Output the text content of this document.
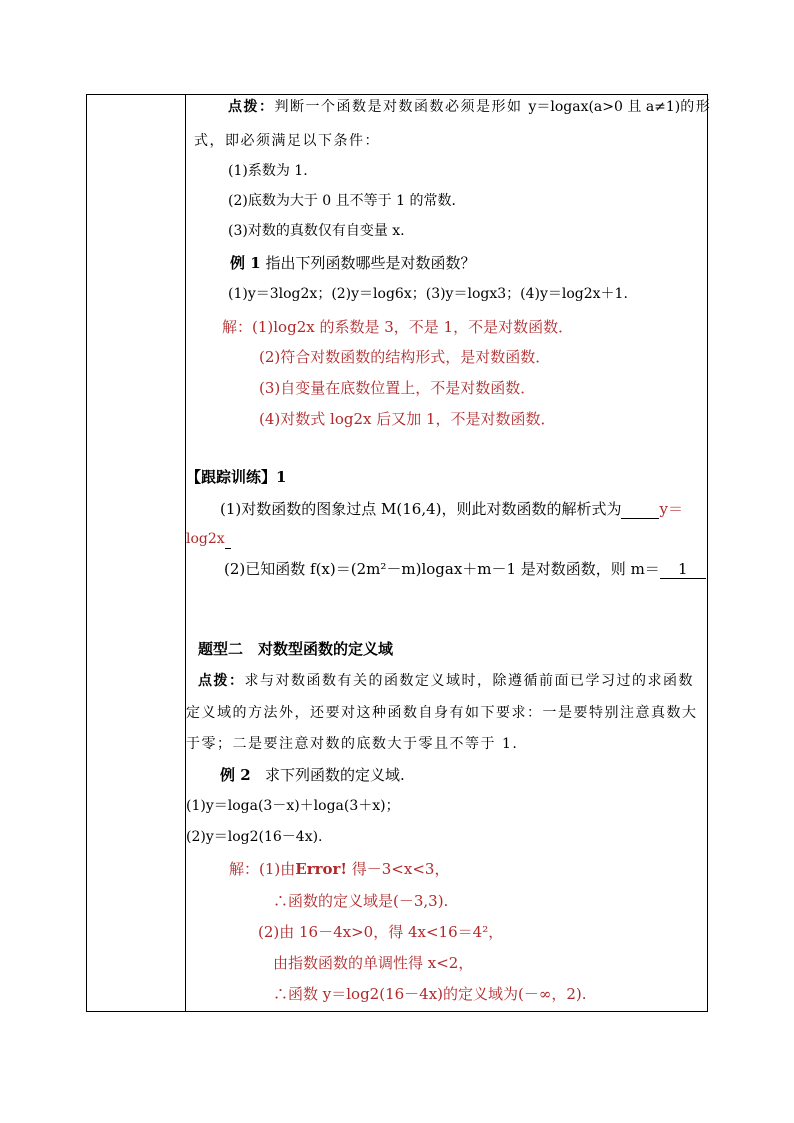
点拨：判断一个函数是对数函数必须是形如 y＝logax(a>0 且 a≠1)的形
式，即必须满足以下条件：
(1)系数为 1.
(2)底数为大于 0 且不等于 1 的常数．
(3)对数的真数仅有自变量 x.
例 1 指出下列函数哪些是对数函数？
(1)y＝3log2x；(2)y＝log6x；(3)y＝logx3；(4)y＝log2x＋1.
解：(1)log2x 的系数是 3，不是 1，不是对数函数．
(2)符合对数函数的结构形式，是对数函数．
(3)自变量在底数位置上，不是对数函数．
(4)对数式 log2x 后又加 1，不是对数函数．
【跟踪训练】1
(1)对数函数的图象过点 M(16,4)，则此对数函数的解析式为	y＝
log2x
(2)已知函数 f(x)＝(2m²－m)logax＋m－1 是对数函数，则 m＝ 1
题型二　对数型函数的定义域
点拨：求与对数函数有关的函数定义域时，除遵循前面已学习过的求函数
定义域的方法外，还要对这种函数自身有如下要求：一是要特别注意真数大
于零；二是要注意对数的底数大于零且不等于 1.
例 2 求下列函数的定义域.
(1)y＝loga(3－x)＋loga(3＋x)；
(2)y＝log2(16－4x).
解：(1)由Error! 得－3<x<3，
∴函数的定义域是(－3,3).
(2)由 16－4x>0，得 4x<16＝4²，
由指数函数的单调性得 x<2，
∴函数 y＝log2(16－4x)的定义域为(－∞，2).
